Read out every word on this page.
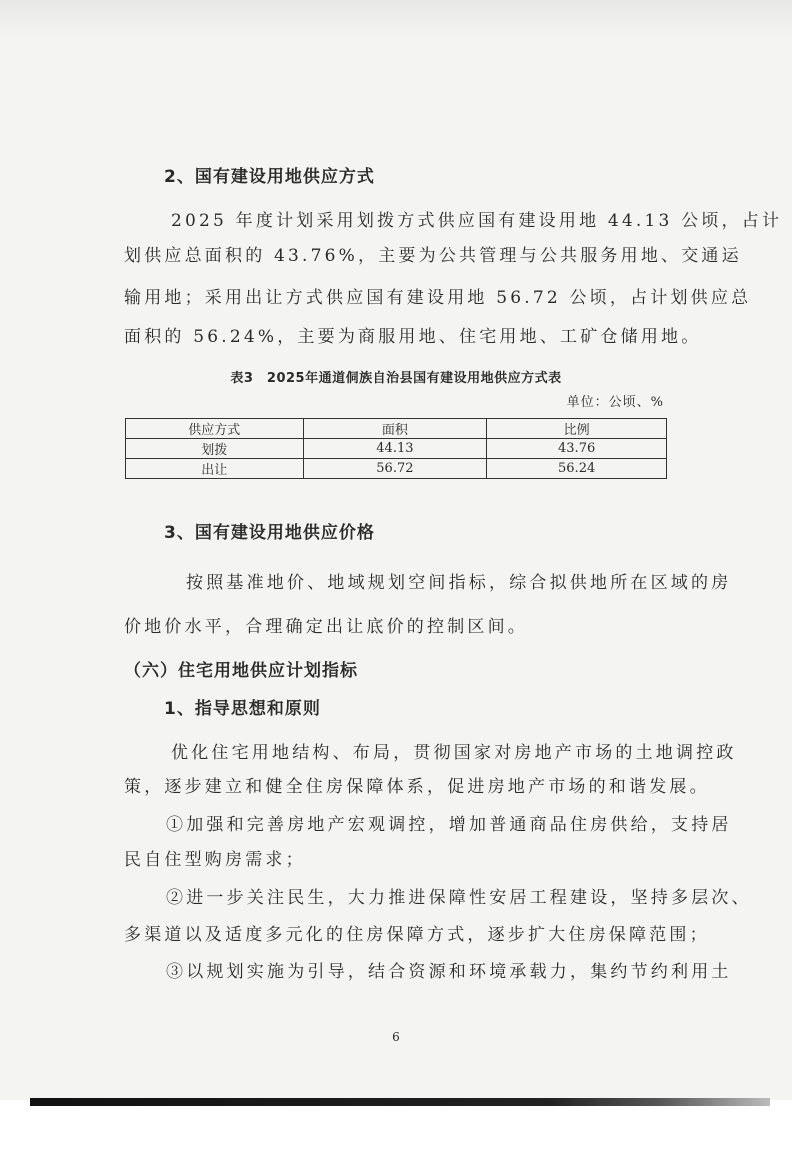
2、国有建设用地供应方式
2025 年度计划采用划拨方式供应国有建设用地 44.13 公顷，占计
划供应总面积的 43.76%，主要为公共管理与公共服务用地、交通运
输用地；采用出让方式供应国有建设用地 56.72 公顷，占计划供应总
面积的 56.24%，主要为商服用地、住宅用地、工矿仓储用地。
表3　2025年通道侗族自治县国有建设用地供应方式表
单位：公顷、%
供应方式	面积	比例
划拨	44.13	43.76
出让	56.72	56.24
3、国有建设用地供应价格
按照基准地价、地域规划空间指标，综合拟供地所在区域的房
价地价水平，合理确定出让底价的控制区间。
（六）住宅用地供应计划指标
1、指导思想和原则
优化住宅用地结构、布局，贯彻国家对房地产市场的土地调控政
策，逐步建立和健全住房保障体系，促进房地产市场的和谐发展。
①加强和完善房地产宏观调控，增加普通商品住房供给，支持居
民自住型购房需求；
②进一步关注民生，大力推进保障性安居工程建设，坚持多层次、
多渠道以及适度多元化的住房保障方式，逐步扩大住房保障范围；
③以规划实施为引导，结合资源和环境承载力，集约节约利用土
6
